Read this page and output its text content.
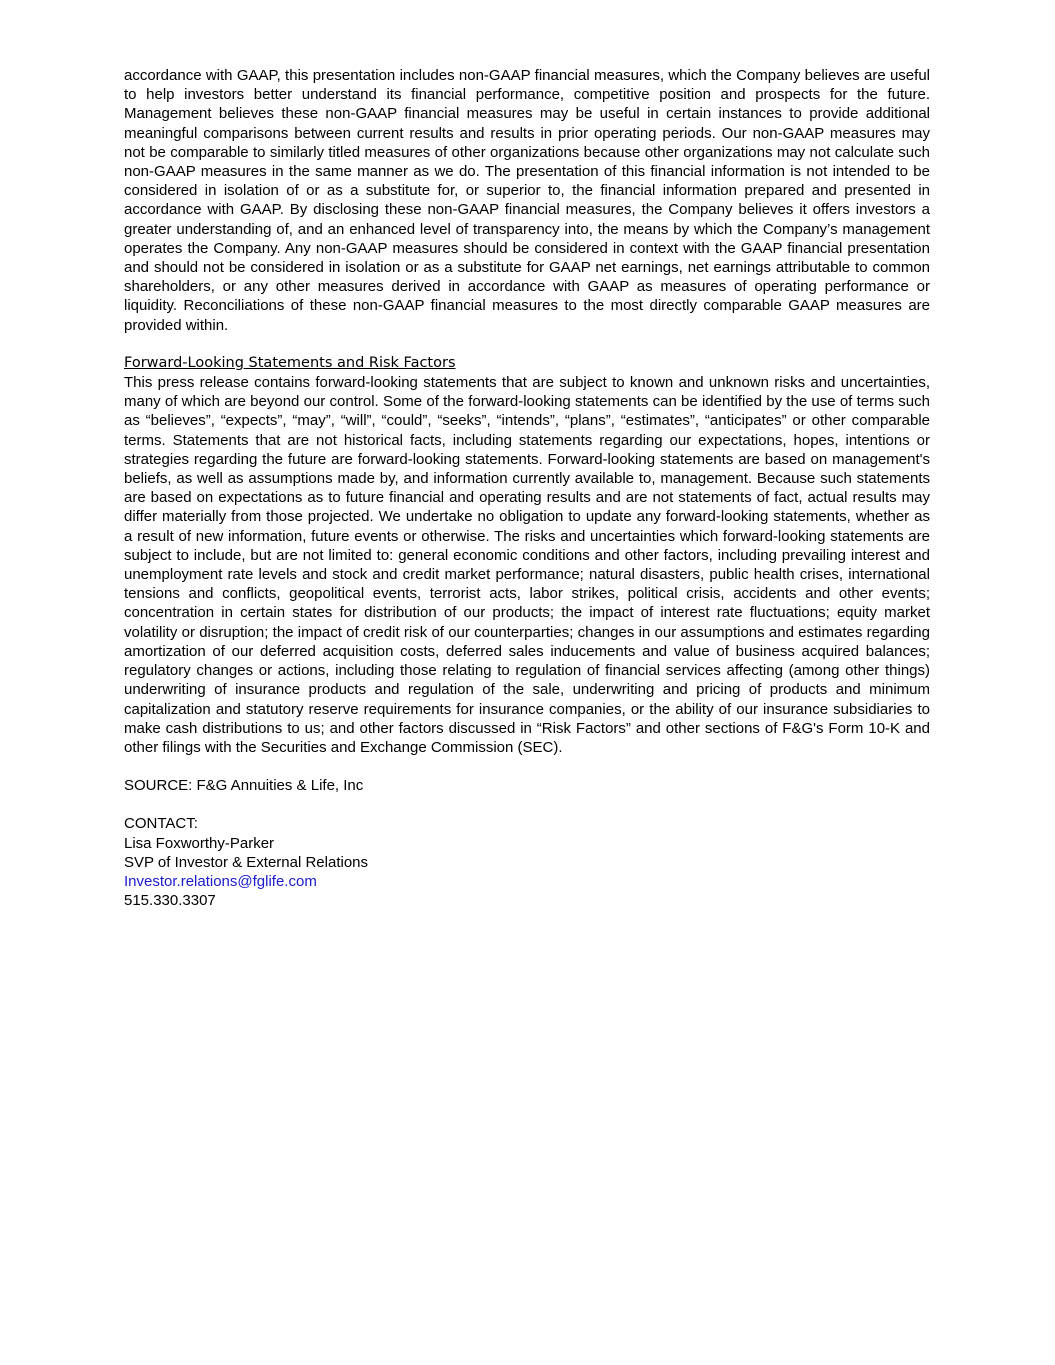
accordance with GAAP, this presentation includes non-GAAP financial measures, which the Company believes are useful to help investors better understand its financial performance, competitive position and prospects for the future. Management believes these non-GAAP financial measures may be useful in certain instances to provide additional meaningful comparisons between current results and results in prior operating periods. Our non-GAAP measures may not be comparable to similarly titled measures of other organizations because other organizations may not calculate such non-GAAP measures in the same manner as we do. The presentation of this financial information is not intended to be considered in isolation of or as a substitute for, or superior to, the financial information prepared and presented in accordance with GAAP. By disclosing these non-GAAP financial measures, the Company believes it offers investors a greater understanding of, and an enhanced level of transparency into, the means by which the Company’s management operates the Company. Any non-GAAP measures should be considered in context with the GAAP financial presentation and should not be considered in isolation or as a substitute for GAAP net earnings, net earnings attributable to common shareholders, or any other measures derived in accordance with GAAP as measures of operating performance or liquidity. Reconciliations of these non-GAAP financial measures to the most directly comparable GAAP measures are provided within.

Forward-Looking Statements and Risk Factors

This press release contains forward-looking statements that are subject to known and unknown risks and uncertainties, many of which are beyond our control. Some of the forward-looking statements can be identified by the use of terms such as “believes”, “expects”, “may”, “will”, “could”, “seeks”, “intends”, “plans”, “estimates”, “anticipates” or other comparable terms. Statements that are not historical facts, including statements regarding our expectations, hopes, intentions or strategies regarding the future are forward-looking statements. Forward-looking statements are based on management's beliefs, as well as assumptions made by, and information currently available to, management. Because such statements are based on expectations as to future financial and operating results and are not statements of fact, actual results may differ materially from those projected. We undertake no obligation to update any forward-looking statements, whether as a result of new information, future events or otherwise. The risks and uncertainties which forward-looking statements are subject to include, but are not limited to: general economic conditions and other factors, including prevailing interest and unemployment rate levels and stock and credit market performance; natural disasters, public health crises, international tensions and conflicts, geopolitical events, terrorist acts, labor strikes, political crisis, accidents and other events; concentration in certain states for distribution of our products; the impact of interest rate fluctuations; equity market volatility or disruption; the impact of credit risk of our counterparties; changes in our assumptions and estimates regarding amortization of our deferred acquisition costs, deferred sales inducements and value of business acquired balances; regulatory changes or actions, including those relating to regulation of financial services affecting (among other things) underwriting of insurance products and regulation of the sale, underwriting and pricing of products and minimum capitalization and statutory reserve requirements for insurance companies, or the ability of our insurance subsidiaries to make cash distributions to us; and other factors discussed in “Risk Factors” and other sections of F&G's Form 10-K and other filings with the Securities and Exchange Commission (SEC).

SOURCE: F&G Annuities & Life, Inc

CONTACT:

Lisa Foxworthy-Parker

SVP of Investor & External Relations

Investor.relations@fglife.com

515.330.3307
